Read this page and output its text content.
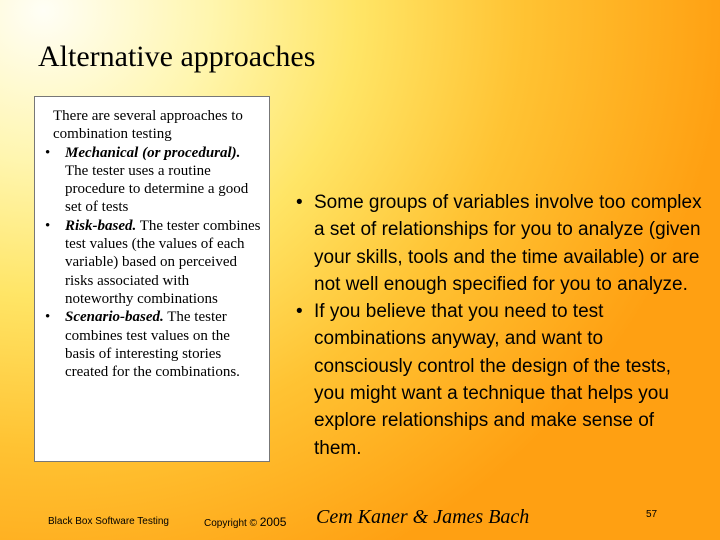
Alternative approaches
There are several approaches to combination testing
• Mechanical (or procedural). The tester uses a routine procedure to determine a good set of tests
• Risk-based. The tester combines test values (the values of each variable) based on perceived risks associated with noteworthy combinations
• Scenario-based. The tester combines test values on the basis of interesting stories created for the combinations.
• Some groups of variables involve too complex a set of relationships for you to analyze (given your skills, tools and the time available) or are not well enough specified for you to analyze.
• If you believe that you need to test combinations anyway, and want to consciously control the design of the tests, you might want a technique that helps you explore relationships and make sense of them.
Black Box Software Testing	Copyright © 2005 Cem Kaner & James Bach	57
